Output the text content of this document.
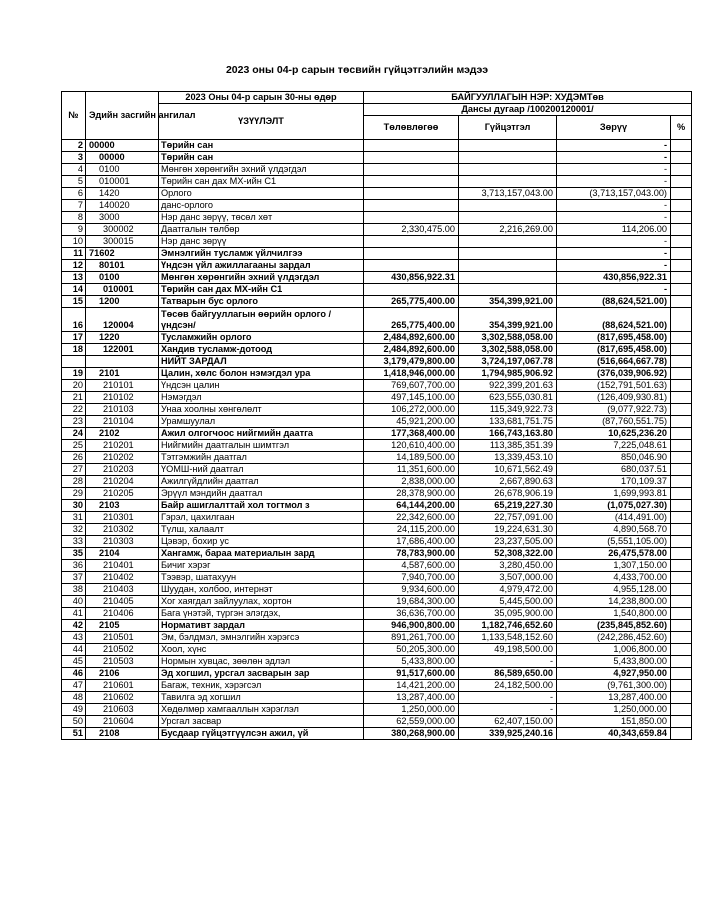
2023 оны 04-р сарын төсвийн гүйцэтгэлийн мэдээ
№	Эдийн засгийн ангилал	2023 Оны 04-р сарын 30-ны өдөр	БАЙГУУЛЛАГЫН НЭР: ХУДЭМТөв			
		ҮЗҮҮЛЭЛТ	Дансы дугаар /100200120001/			
			Төлөвлөгөө	Гүйцэтгэл	Зөрүү	%
2	00000	Төрийн сан			-	
3	00000	Төрийн сан			-	
4	0100	Мөнгөн хөрөнгийн эхний үлдэгдэл			-	
5	010001	Төрийн сан дах МХ-ийн С1			-	
6	1420	Орлого		3,713,157,043.00	(3,713,157,043.00)	
7	140020	данс-орлого			-	
8	3000	Нэр данс зөрүү, төсөл хөт			-	
9	300002	Даатгалын төлбөр	2,330,475.00	2,216,269.00	114,206.00	
10	300015	Нэр данс зөрүү			-	
11	71602	Эмнэлгийн тусламж үйлчилгээ			-	
12	80101	Үндсэн үйл ажиллагааны зардал			-	
13	0100	Мөнгөн хөрөнгийн эхний үлдэгдэл	430,856,922.31		430,856,922.31	
14	010001	Төрийн сан дах МХ-ийн С1			-	
15	1200	Татварын бус орлого	265,775,400.00	354,399,921.00	(88,624,521.00)	
16	120004	Төсөв байгууллагын өөрийн орлого /үндсэн/	265,775,400.00	354,399,921.00	(88,624,521.00)	
17	1220	Тусламжийн орлого	2,484,892,600.00	3,302,588,058.00	(817,695,458.00)	
18	122001	Хандив тусламж-дотоод	2,484,892,600.00	3,302,588,058.00	(817,695,458.00)	
		НИЙТ ЗАРДАЛ	3,179,479,800.00	3,724,197,067.78	(516,664,667.78)	
19	2101	Цалин, хөлс болон нэмэгдэл ура	1,418,946,000.00	1,794,985,906.92	(376,039,906.92)	
20	210101	Үндсэн цалин	769,607,700.00	922,399,201.63	(152,791,501.63)	
21	210102	Нэмэгдэл	497,145,100.00	623,555,030.81	(126,409,930.81)	
22	210103	Унаа хоолны хөнгөлөлт	106,272,000.00	115,349,922.73	(9,077,922.73)	
23	210104	Урамшуулал	45,921,200.00	133,681,751.75	(87,760,551.75)	
24	2102	Ажил олгогчоос нийгмийн даатга	177,368,400.00	166,743,163.80	10,625,236.20	
25	210201	Нийгмийн даатгалын шимтгэл	120,610,400.00	113,385,351.39	7,225,048.61	
26	210202	Тэтгэмжийн даатгал	14,189,500.00	13,339,453.10	850,046.90	
27	210203	ҮОМШ-ний даатгал	11,351,600.00	10,671,562.49	680,037.51	
28	210204	Ажилгүйдлийн даатгал	2,838,000.00	2,667,890.63	170,109.37	
29	210205	Эрүүл мэндийн даатгал	28,378,900.00	26,678,906.19	1,699,993.81	
30	2103	Байр ашиглалттай хол тогтмол з	64,144,200.00	65,219,227.30	(1,075,027.30)	
31	210301	Гэрэл, цахилгаан	22,342,600.00	22,757,091.00	(414,491.00)	
32	210302	Түлш, халаалт	24,115,200.00	19,224,631.30	4,890,568.70	
33	210303	Цэвэр, бохир ус	17,686,400.00	23,237,505.00	(5,551,105.00)	
35	2104	Хангамж, бараа материалын зард	78,783,900.00	52,308,322.00	26,475,578.00	
36	210401	Бичиг хэрэг	4,587,600.00	3,280,450.00	1,307,150.00	
37	210402	Тээвэр, шатахуун	7,940,700.00	3,507,000.00	4,433,700.00	
38	210403	Шуудан, холбоо, интернэт	9,934,600.00	4,979,472.00	4,955,128.00	
40	210405	Хог хаягдал зайлуулах, хортон	19,684,300.00	5,445,500.00	14,238,800.00	
41	210406	Бага үнэтэй, түргэн элэгдэх,	36,636,700.00	35,095,900.00	1,540,800.00	
42	2105	Нормативт зардал	946,900,800.00	1,182,746,652.60	(235,845,852.60)	
43	210501	Эм, бэлдмэл, эмнэлгийн хэрэгсэ	891,261,700.00	1,133,548,152.60	(242,286,452.60)	
44	210502	Хоол, хүнс	50,205,300.00	49,198,500.00	1,006,800.00	
45	210503	Нормын хувцас, зөөлөн эдлэл	5,433,800.00	-	5,433,800.00	
46	2106	Эд хогшил, урсгал засварын зар	91,517,600.00	86,589,650.00	4,927,950.00	
47	210601	Багаж, техник, хэрэгсэл	14,421,200.00	24,182,500.00	(9,761,300.00)	
48	210602	Тавилга эд хогшил	13,287,400.00	-	13,287,400.00	
49	210603	Хөдөлмөр хамгааллын хэрэглэл	1,250,000.00	-	1,250,000.00	
50	210604	Урсгал засвар	62,559,000.00	62,407,150.00	151,850.00	
51	2108	Бусдаар гүйцэтгүүлсэн ажил, үй	380,268,900.00	339,925,240.16	40,343,659.84	
